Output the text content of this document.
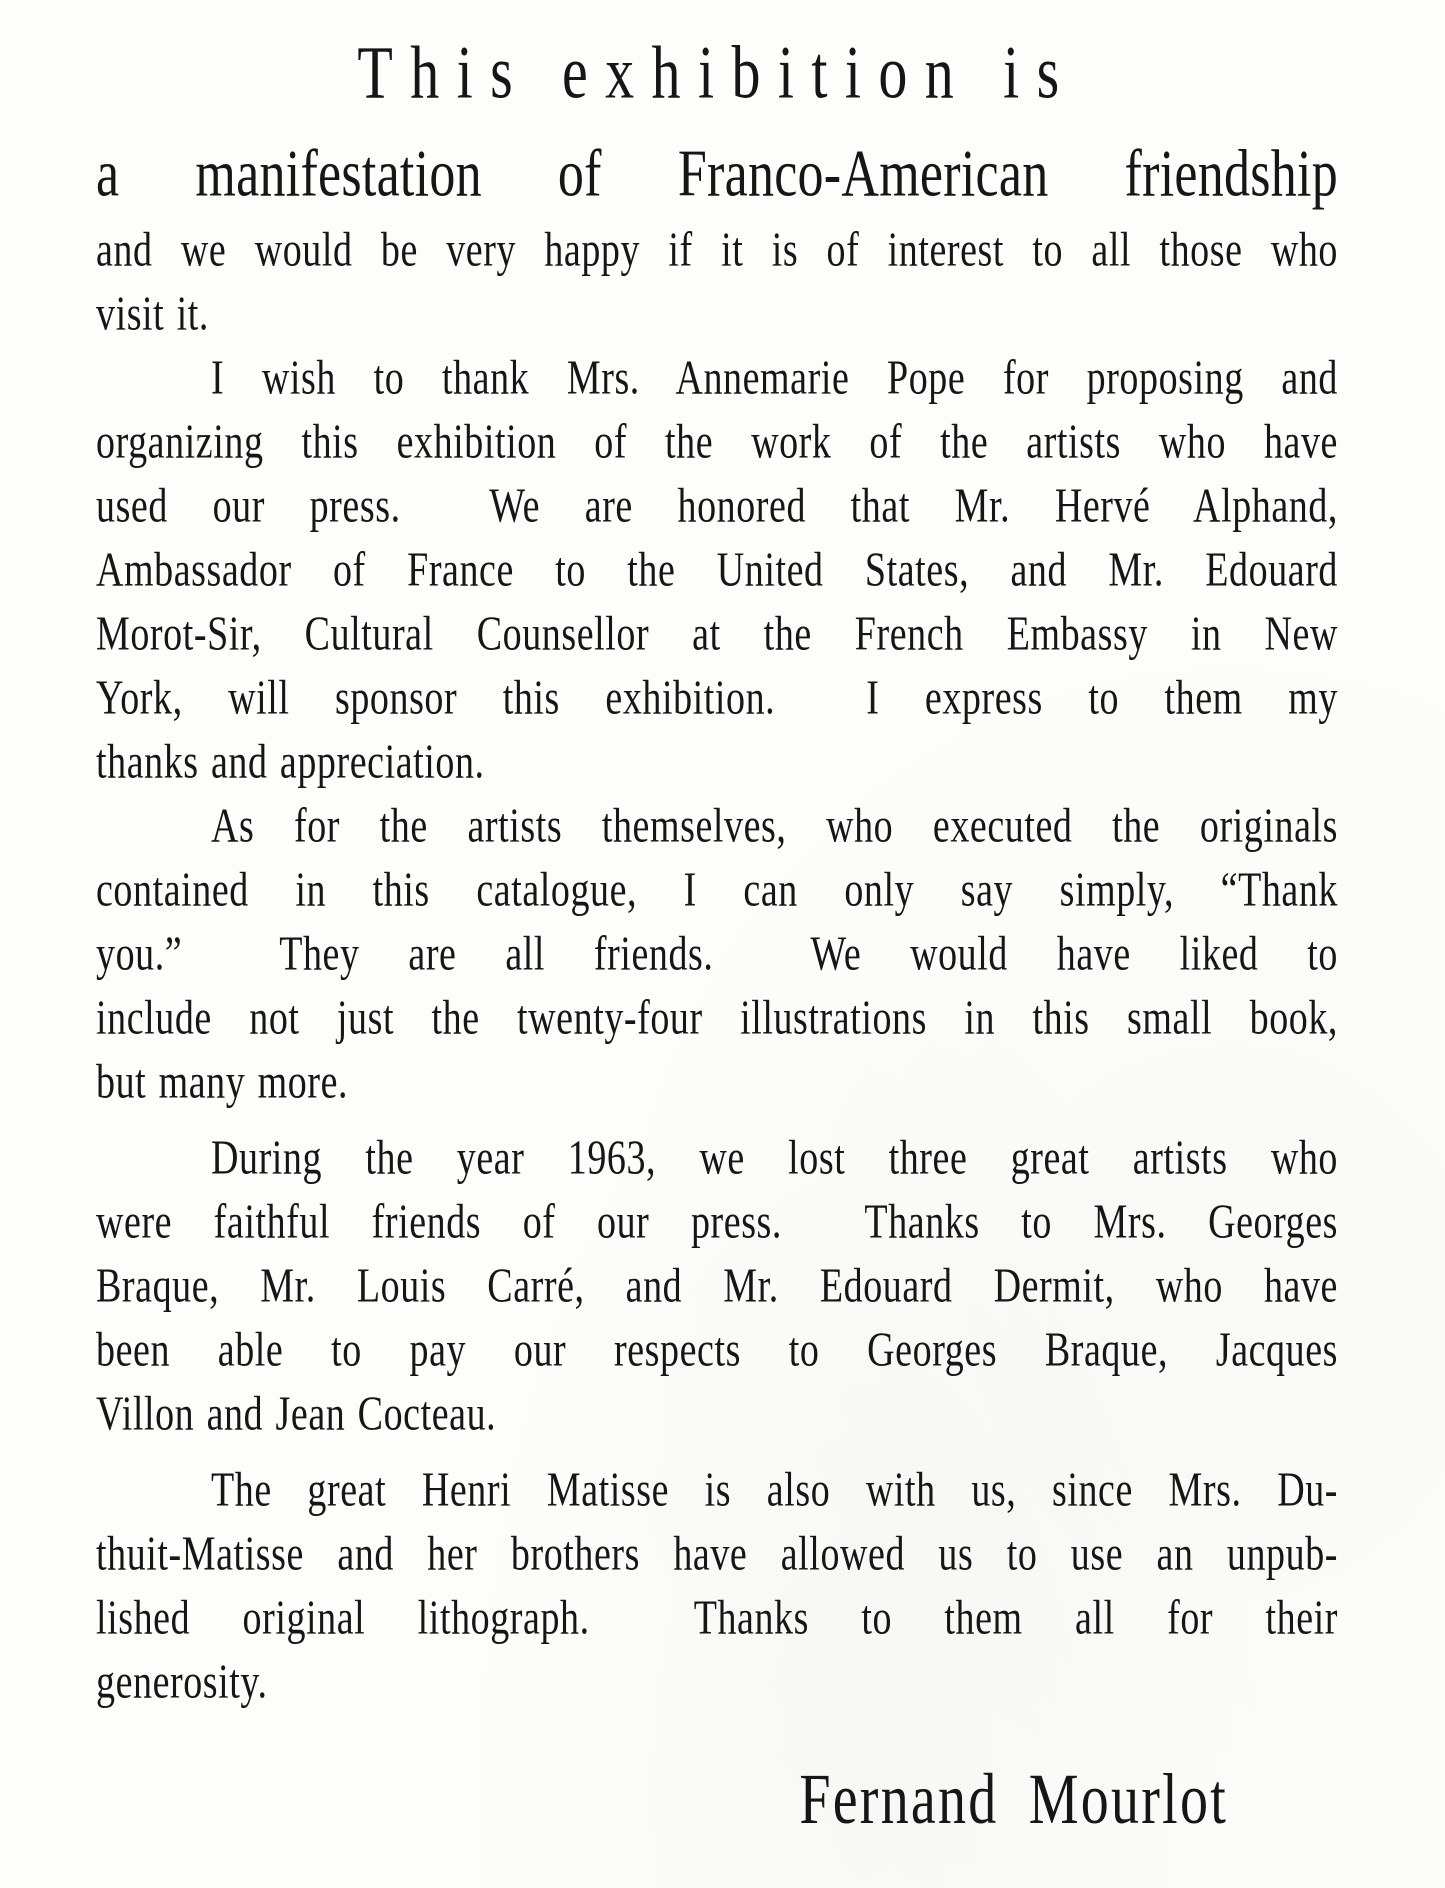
This exhibition is
a manifestation of Franco-American friendship
and we would be very happy if it is of interest to all those who
visit it.
I wish to thank Mrs. Annemarie Pope for proposing and
organizing this exhibition of the work of the artists who have
used our press.  We are honored that Mr. Hervé Alphand,
Ambassador of France to the United States, and Mr. Edouard
Morot-Sir, Cultural Counsellor at the French Embassy in New
York, will sponsor this exhibition.  I express to them my
thanks and appreciation.
As for the artists themselves, who executed the originals
contained in this catalogue, I can only say simply, “Thank
you.”  They are all friends.  We would have liked to
include not just the twenty-four illustrations in this small book,
but many more.
During the year 1963, we lost three great artists who
were faithful friends of our press.  Thanks to Mrs. Georges
Braque, Mr. Louis Carré, and Mr. Edouard Dermit, who have
been able to pay our respects to Georges Braque, Jacques
Villon and Jean Cocteau.
The great Henri Matisse is also with us, since Mrs. Du-
thuit-Matisse and her brothers have allowed us to use an unpub-
lished original lithograph.  Thanks to them all for their
generosity.
Fernand Mourlot
